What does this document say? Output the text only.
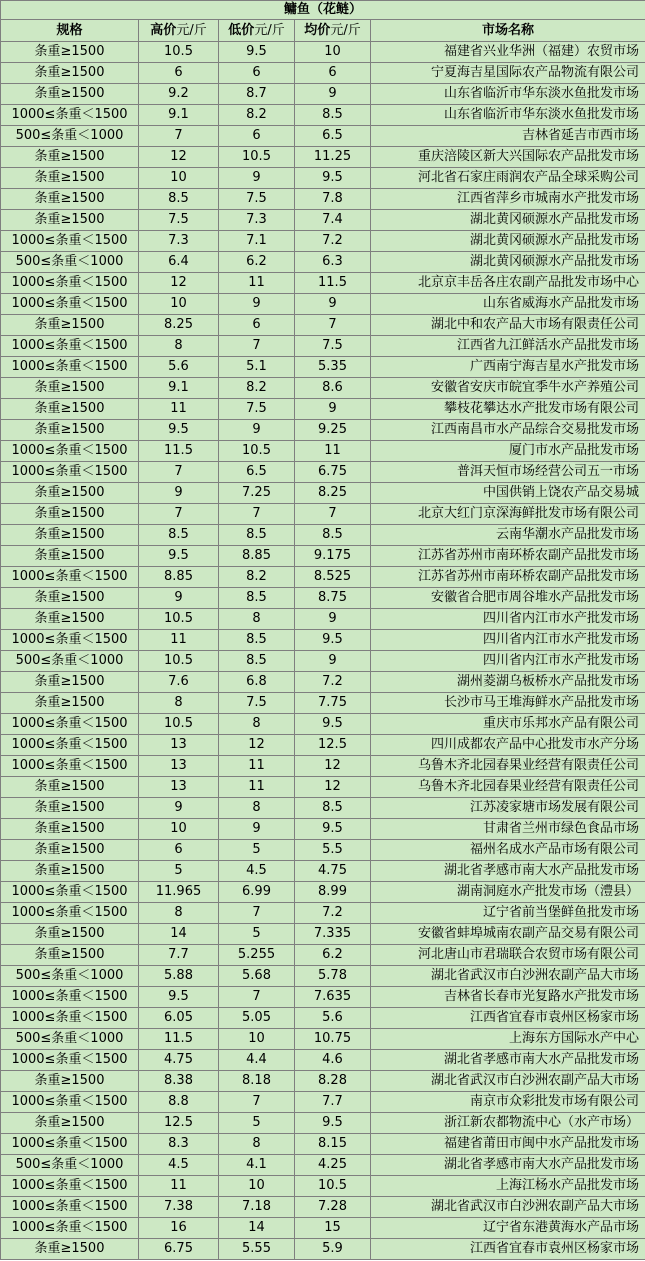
鳙鱼（花鲢）
规格	高价元/斤	低价元/斤	均价元/斤	市场名称
条重≥1500	10.5	9.5	10	福建省兴业华洲（福建）农贸市场
条重≥1500	6	6	6	宁夏海吉星国际农产品物流有限公司
条重≥1500	9.2	8.7	9	山东省临沂市华东淡水鱼批发市场
1000≤条重＜1500	9.1	8.2	8.5	山东省临沂市华东淡水鱼批发市场
500≤条重＜1000	7	6	6.5	吉林省延吉市西市场
条重≥1500	12	10.5	11.25	重庆涪陵区新大兴国际农产品批发市场
条重≥1500	10	9	9.5	河北省石家庄雨润农产品全球采购公司
条重≥1500	8.5	7.5	7.8	江西省萍乡市城南水产批发市场
条重≥1500	7.5	7.3	7.4	湖北黄冈硕源水产品批发市场
1000≤条重＜1500	7.3	7.1	7.2	湖北黄冈硕源水产品批发市场
500≤条重＜1000	6.4	6.2	6.3	湖北黄冈硕源水产品批发市场
1000≤条重＜1500	12	11	11.5	北京京丰岳各庄农副产品批发市场中心
1000≤条重＜1500	10	9	9	山东省威海水产品批发市场
条重≥1500	8.25	6	7	湖北中和农产品大市场有限责任公司
1000≤条重＜1500	8	7	7.5	江西省九江鲜活水产品批发市场
1000≤条重＜1500	5.6	5.1	5.35	广西南宁海吉星水产批发市场
条重≥1500	9.1	8.2	8.6	安徽省安庆市皖宜季牛水产养殖公司
条重≥1500	11	7.5	9	攀枝花攀达水产批发市场有限公司
条重≥1500	9.5	9	9.25	江西南昌市水产品综合交易批发市场
1000≤条重＜1500	11.5	10.5	11	厦门市水产品批发市场
1000≤条重＜1500	7	6.5	6.75	普洱天恒市场经营公司五一市场
条重≥1500	9	7.25	8.25	中国供销上饶农产品交易城
条重≥1500	7	7	7	北京大红门京深海鲜批发市场有限公司
条重≥1500	8.5	8.5	8.5	云南华潮水产品批发市场
条重≥1500	9.5	8.85	9.175	江苏省苏州市南环桥农副产品批发市场
1000≤条重＜1500	8.85	8.2	8.525	江苏省苏州市南环桥农副产品批发市场
条重≥1500	9	8.5	8.75	安徽省合肥市周谷堆水产品批发市场
条重≥1500	10.5	8	9	四川省内江市水产批发市场
1000≤条重＜1500	11	8.5	9.5	四川省内江市水产批发市场
500≤条重＜1000	10.5	8.5	9	四川省内江市水产批发市场
条重≥1500	7.6	6.8	7.2	湖州菱湖乌板桥水产品批发市场
条重≥1500	8	7.5	7.75	长沙市马王堆海鲜水产品批发市场
1000≤条重＜1500	10.5	8	9.5	重庆市乐邦水产品有限公司
1000≤条重＜1500	13	12	12.5	四川成都农产品中心批发市水产分场
1000≤条重＜1500	13	11	12	乌鲁木齐北园春果业经营有限责任公司
条重≥1500	13	11	12	乌鲁木齐北园春果业经营有限责任公司
条重≥1500	9	8	8.5	江苏凌家塘市场发展有限公司
条重≥1500	10	9	9.5	甘肃省兰州市绿色食品市场
条重≥1500	6	5	5.5	福州名成水产品市场有限公司
条重≥1500	5	4.5	4.75	湖北省孝感市南大水产品批发市场
1000≤条重＜1500	11.965	6.99	8.99	湖南洞庭水产批发市场（澧县）
1000≤条重＜1500	8	7	7.2	辽宁省前当堡鲜鱼批发市场
条重≥1500	14	5	7.335	安徽省蚌埠城南农副产品交易有限公司
条重≥1500	7.7	5.255	6.2	河北唐山市君瑞联合农贸市场有限公司
500≤条重＜1000	5.88	5.68	5.78	湖北省武汉市白沙洲农副产品大市场
1000≤条重＜1500	9.5	7	7.635	吉林省长春市光复路水产批发市场
1000≤条重＜1500	6.05	5.05	5.6	江西省宜春市袁州区杨家市场
500≤条重＜1000	11.5	10	10.75	上海东方国际水产中心
1000≤条重＜1500	4.75	4.4	4.6	湖北省孝感市南大水产品批发市场
条重≥1500	8.38	8.18	8.28	湖北省武汉市白沙洲农副产品大市场
1000≤条重＜1500	8.8	7	7.7	南京市众彩批发市场有限公司
条重≥1500	12.5	5	9.5	浙江新农都物流中心（水产市场）
1000≤条重＜1500	8.3	8	8.15	福建省莆田市闽中水产品批发市场
500≤条重＜1000	4.5	4.1	4.25	湖北省孝感市南大水产品批发市场
1000≤条重＜1500	11	10	10.5	上海江杨水产品批发市场
1000≤条重＜1500	7.38	7.18	7.28	湖北省武汉市白沙洲农副产品大市场
1000≤条重＜1500	16	14	15	辽宁省东港黄海水产品市场
条重≥1500	6.75	5.55	5.9	江西省宜春市袁州区杨家市场
